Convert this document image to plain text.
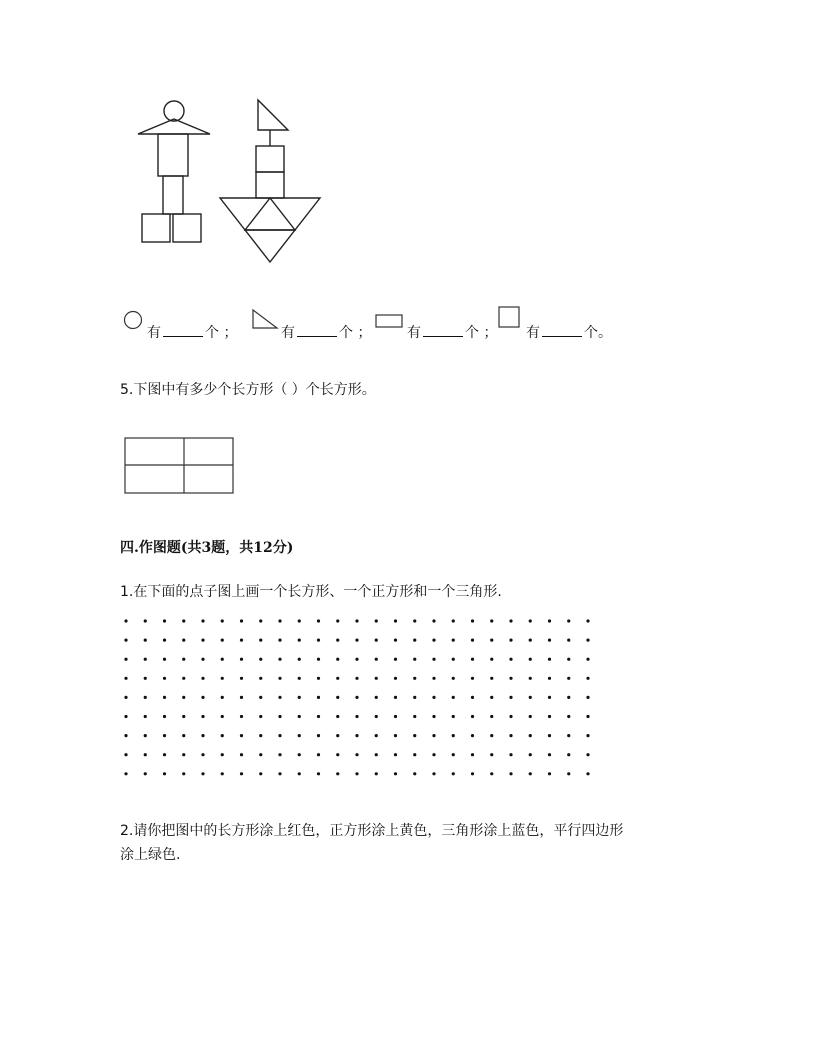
有	个 ；	有	个 ；	有	个 ； 有	个。
5.下图中有多少个长方形（ ）个长方形。
四.作图题(共3题，共12分)
1.在下面的点子图上画一个长方形、一个正方形和一个三角形.
2.请你把图中的长方形涂上红色，正方形涂上黄色，三角形涂上蓝色，平行四边形
涂上绿色.
